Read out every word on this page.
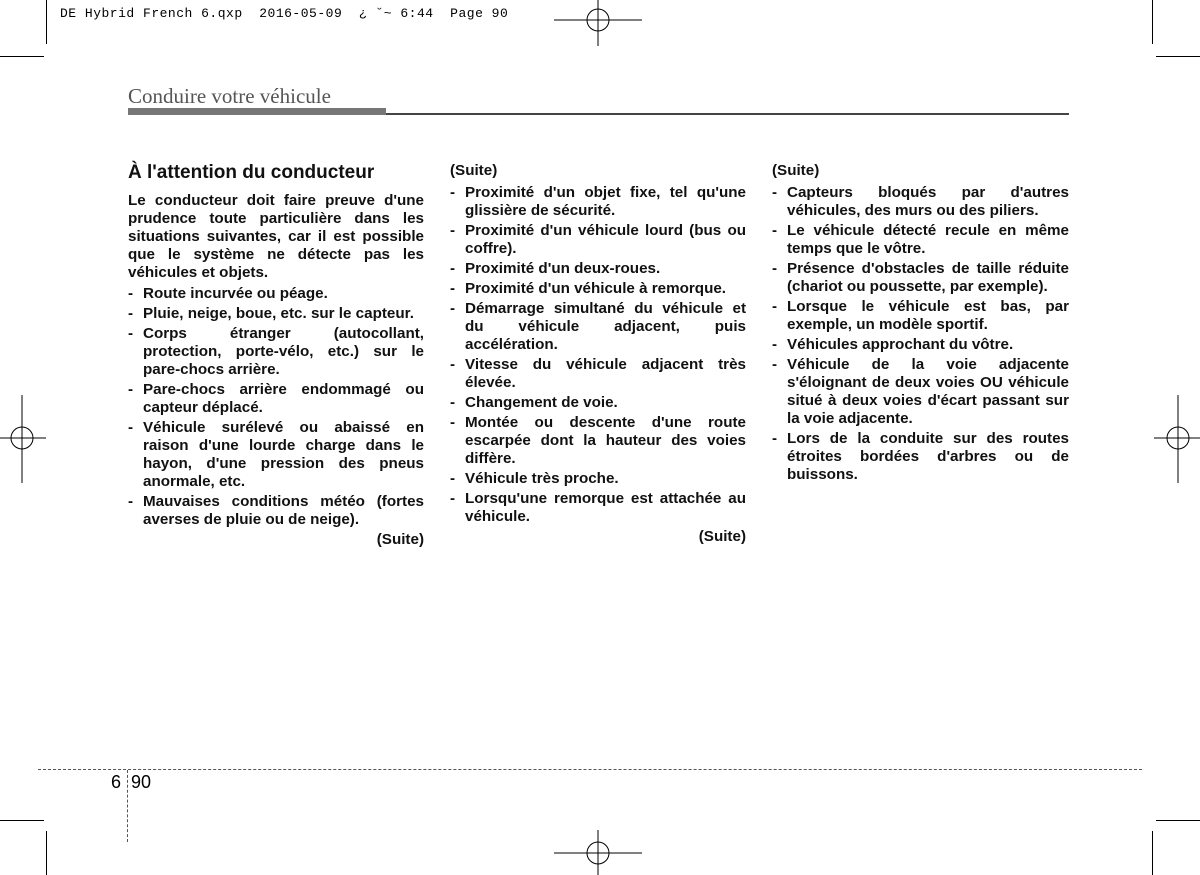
DE Hybrid French 6.qxp  2016-05-09  ¿ ˘~ 6:44  Page 90
Conduire votre véhicule
À l'attention du conducteur
Le conducteur doit faire preuve d'une prudence toute particulière dans les situations suivantes, car il est possible que le système ne détecte pas les véhicules et objets.
- Route incurvée ou péage.
- Pluie, neige, boue, etc. sur le capteur.
- Corps étranger (autocollant, protection, porte-vélo, etc.) sur le pare-chocs arrière.
- Pare-chocs arrière endommagé ou capteur déplacé.
- Véhicule surélevé ou abaissé en raison d'une lourde charge dans le hayon, d'une pression des pneus anormale, etc.
- Mauvaises conditions météo (fortes averses de pluie ou de neige).
(Suite)
(Suite)
- Proximité d'un objet fixe, tel qu'une glissière de sécurité.
- Proximité d'un véhicule lourd (bus ou coffre).
- Proximité d'un deux-roues.
- Proximité d'un véhicule à remorque.
- Démarrage simultané du véhicule et du véhicule adjacent, puis accélération.
- Vitesse du véhicule adjacent très élevée.
- Changement de voie.
- Montée ou descente d'une route escarpée dont la hauteur des voies diffère.
- Véhicule très proche.
- Lorsqu'une remorque est attachée au véhicule.
(Suite)
(Suite)
- Capteurs bloqués par d'autres véhicules, des murs ou des piliers.
- Le véhicule détecté recule en même temps que le vôtre.
- Présence d'obstacles de taille réduite (chariot ou poussette, par exemple).
- Lorsque le véhicule est bas, par exemple, un modèle sportif.
- Véhicules approchant du vôtre.
- Véhicule de la voie adjacente s'éloignant de deux voies OU véhicule situé à deux voies d'écart passant sur la voie adjacente.
- Lors de la conduite sur des routes étroites bordées d'arbres ou de buissons.
6 90
